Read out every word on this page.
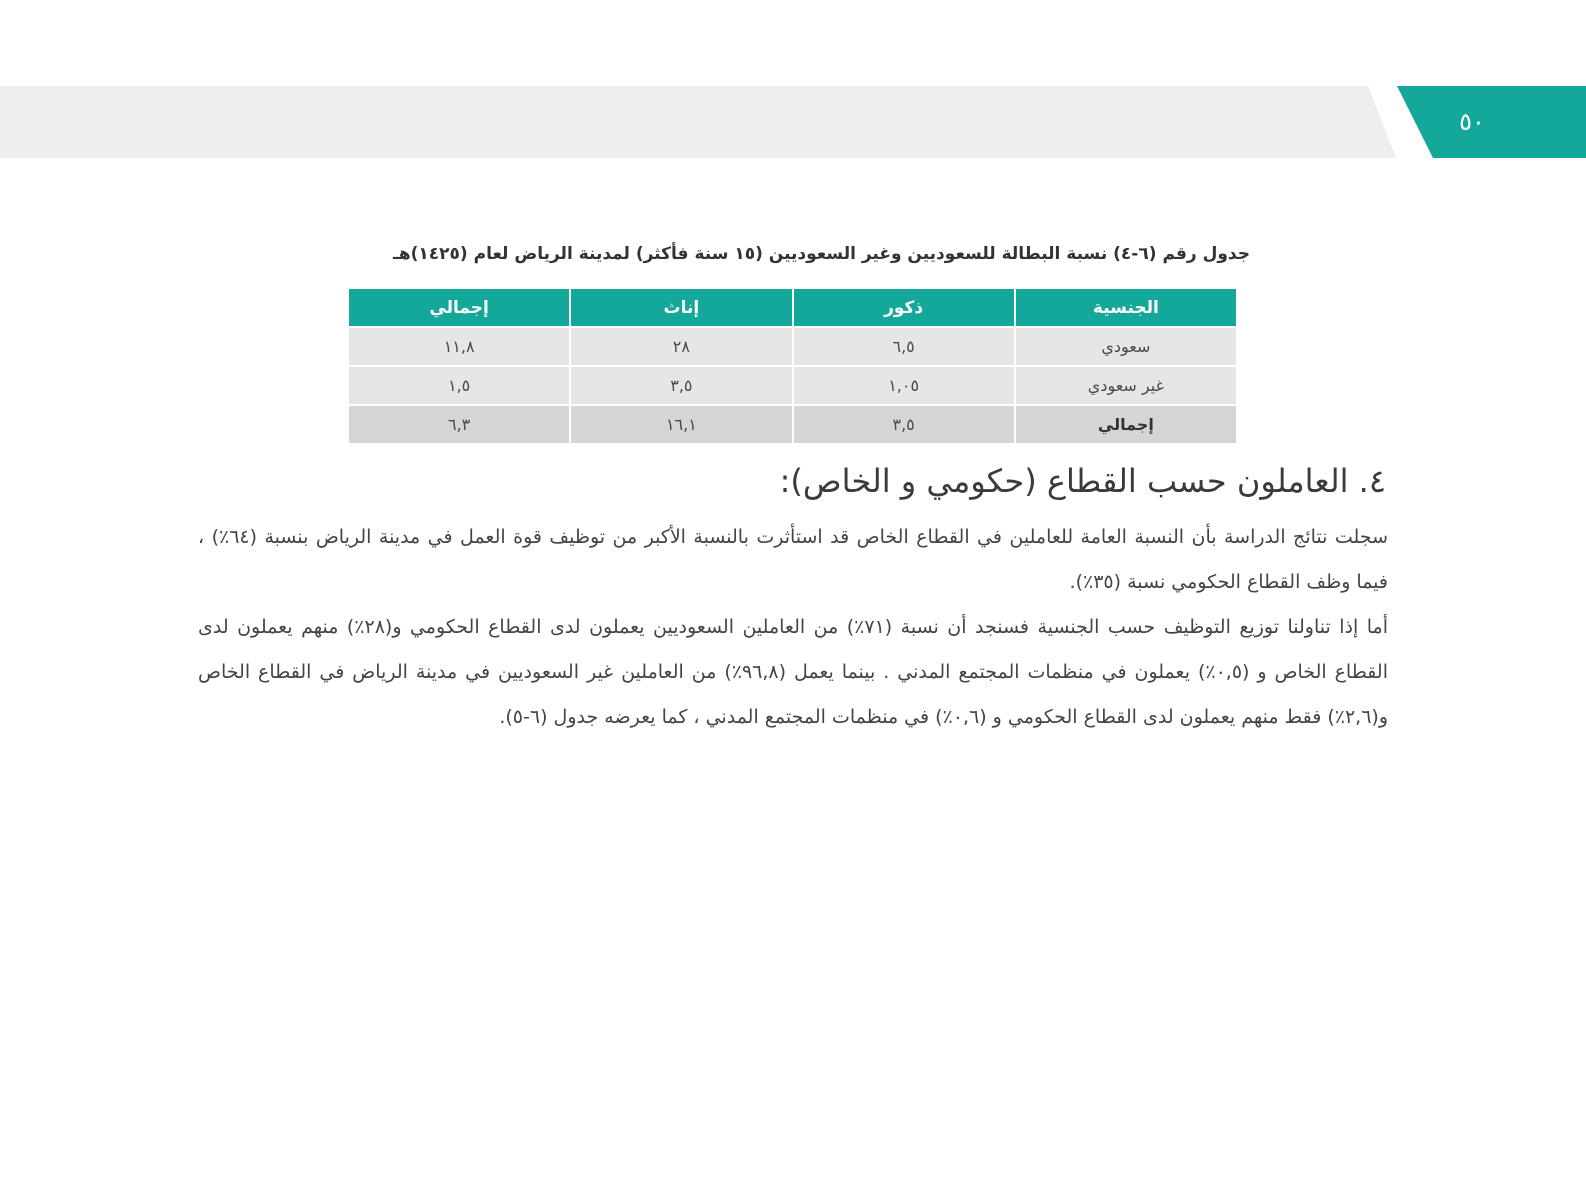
٥٠
جدول رقم (٦-٤) نسبة البطالة للسعوديين وغير السعوديين (١٥ سنة فأكثر) لمدينة الرياض لعام (١٤٢٥)هـ
الجنسية	ذكور	إناث	إجمالي
سعودي	٦,٥	٢٨	١١,٨
غير سعودي	١,٠٥	٣,٥	١,٥
إجمالي	٣,٥	١٦,١	٦,٣
٤. العاملون حسب القطاع (حكومي و الخاص):

سجلت نتائج الدراسة بأن النسبة العامة للعاملين في القطاع الخاص قد استأثرت بالنسبة الأكبر من توظيف قوة العمل في مدينة الرياض بنسبة (٦٤٪) ، فيما وظف القطاع الحكومي نسبة (٣٥٪).

أما إذا تناولنا توزيع التوظيف حسب الجنسية فسنجد أن نسبة (٧١٪) من العاملين السعوديين يعملون لدى القطاع الحكومي و(٢٨٪) منهم يعملون لدى القطاع الخاص و (٠,٥٪) يعملون في منظمات المجتمع المدني . بينما يعمل (٩٦,٨٪) من العاملين غير السعوديين في مدينة الرياض في القطاع الخاص و(٢,٦٪) فقط منهم يعملون لدى القطاع الحكومي و (٠,٦٪) في منظمات المجتمع المدني ، كما يعرضه جدول (٦-٥).
